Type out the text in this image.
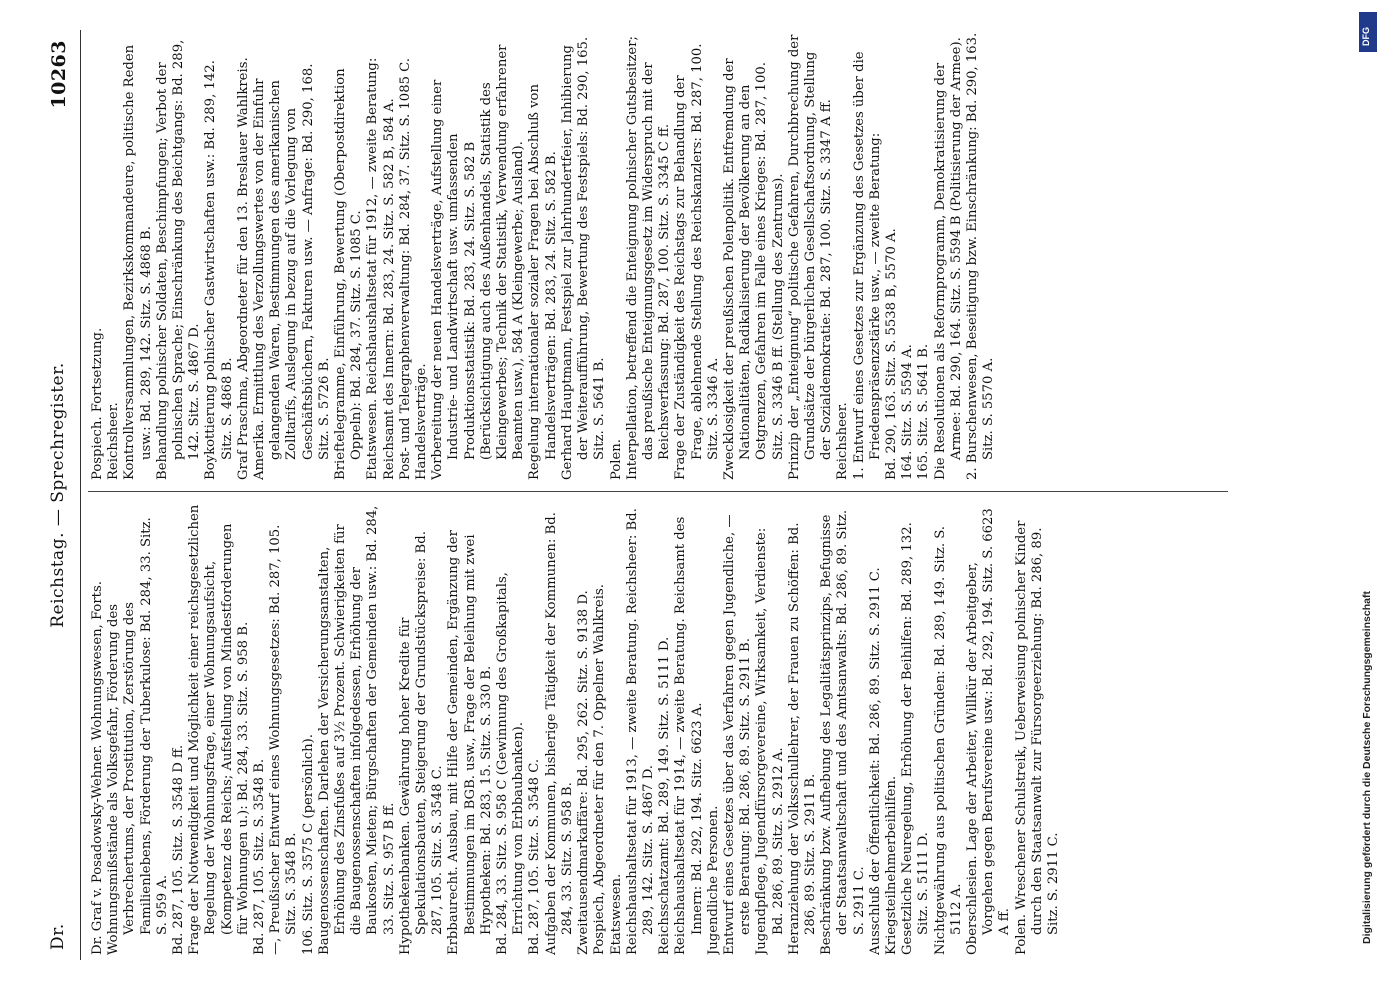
Dr.
Reichstag. — Sprechregister.
10263

Dr. Graf v. Posadowsky-Wehner. Wohnungswesen, Forts. Wohnungsmißstände als Volksgefahr, Förderung des Verbrechertums, der Prostitution, Zerstörung des Familienlebens, Förderung der Tuberkulose: Bd. 284, 33. Sitz. S. 959 A. Bd. 287, 105. Sitz. S. 3548 D ff. Frage der Notwendigkeit und Möglichkeit einer reichsgesetzlichen Regelung der Wohnungsfrage, einer Wohnungsaufsicht, (Kompetenz des Reichs; Aufstellung von Mindestforderungen für Wohnungen u.): Bd. 284, 33. Sitz. S. 958 B. Bd. 287, 105. Sitz. S. 3548 B. —, Preußischer Entwurf eines Wohnungsgesetzes: Bd. 287, 105. Sitz. S. 3548 B. 106. Sitz. S. 3575 C (persönlich). Baugenossenschaften. Darlehen der Versicherungsanstalten, Erhöhung des Zinsfußes auf 3½ Prozent. Schwierigkeiten für die Baugenossenschaften infolgedessen, Erhöhung der Baukosten, Mieten; Bürgschaften der Gemeinden usw.: Bd. 284, 33. Sitz. S. 957 B ff. Hypothekenbanken. Gewährung hoher Kredite für Spekulationsbauten, Steigerung der Grundstückspreise: Bd. 287, 105. Sitz. S. 3548 C. Erbbaurecht. Ausbau, mit Hilfe der Gemeinden, Ergänzung der Bestimmungen im BGB. usw., Frage der Beleihung mit zwei Hypotheken: Bd. 283, 15. Sitz. S. 330 B. Bd. 284, 33. Sitz. S. 958 C (Gewinnung des Großkapitals, Errichtung von Erbbaubanken). Bd. 287, 105. Sitz. S. 3548 C. Aufgaben der Kommunen, bisherige Tätigkeit der Kommunen: Bd. 284, 33. Sitz. S. 958 B. Zweitausendmarkaffäre: Bd. 295, 262. Sitz. S. 9138 D. Pospiech, Abgeordneter für den 7. Oppelner Wahlkreis. Etatswesen. Reichshaushaltsetat für 1913, — zweite Beratung. Reichsheer: Bd. 289, 142. Sitz. S. 4867 D. Reichsschatzamt: Bd. 289, 149. Sitz. S. 5111 D. Reichshaushaltsetat für 1914, — zweite Beratung. Reichsamt des Innern: Bd. 292, 194. Sitz. 6623 A. Jugendliche Personen. Entwurf eines Gesetzes über das Verfahren gegen Jugendliche, — erste Beratung: Bd. 286, 89. Sitz. S. 2911 B. Jugendpflege, Jugendfürsorgevereine, Wirksamkeit, Verdienste: Bd. 286, 89. Sitz. S. 2912 A. Heranziehung der Volksschullehrer, der Frauen zu Schöffen: Bd. 286, 89. Sitz. S. 2911 B. Beschränkung bzw. Aufhebung des Legalitätsprinzips, Befugnisse der Staatsanwaltschaft und des Amtsanwalts: Bd. 286, 89. Sitz. S. 2911 C. Ausschluß der Öffentlichkeit: Bd. 286, 89. Sitz. S. 2911 C. Kriegsteilnehmerbeihilfen. Gesetzliche Neuregelung, Erhöhung der Beihilfen: Bd. 289, 132. Sitz. S. 5111 D. Nichtgewährung aus politischen Gründen: Bd. 289, 149. Sitz. S. 5112 A. Oberschlesien. Lage der Arbeiter, Willkür der Arbeitgeber, Vorgehen gegen Berufsvereine usw.: Bd. 292, 194. Sitz. S. 6623 A ff. Polen. Wreschener Schulstreik, Ueberweisung polnischer Kinder durch den Staatsanwalt zur Fürsorgeerziehung: Bd. 286, 89. Sitz. S. 2911 C.

Pospiech. Fortsetzung. Reichsheer. Kontrollversammlungen, Bezirkskommandeure, politische Reden usw.: Bd. 289, 142. Sitz. S. 4868 B. Behandlung polnischer Soldaten, Beschimpfungen; Verbot der polnischen Sprache; Einschränkung des Beichtgangs: Bd. 289, 142. Sitz. S. 4867 D. Boykottierung polnischer Gastwirtschaften usw.: Bd. 289, 142. Sitz. S. 4868 B. Graf Praschma, Abgeordneter für den 13. Breslauer Wahlkreis. Amerika. Ermittlung des Verzollungswertes von der Einfuhr gelangenden Waren, Bestimmungen des amerikanischen Zolltarifs, Auslegung in bezug auf die Vorlegung von Geschäftsbüchern, Fakturen usw. — Anfrage: Bd. 290, 168. Sitz. S. 5726 B. Brieftelegramme, Einführung, Bewertung (Oberpostdirektion Oppeln): Bd. 284, 37. Sitz. S. 1085 C. Etatswesen. Reichshaushaltsetat für 1912, — zweite Beratung: Reichsamt des Innern: Bd. 283, 24. Sitz. S. 582 B, 584 A. Post- und Telegraphenverwaltung: Bd. 284, 37. Sitz. S. 1085 C. Handelsverträge. Vorbereitung der neuen Handelsverträge, Aufstellung einer Industrie- und Landwirtschaft usw. umfassenden Produktionsstatistik: Bd. 283, 24. Sitz. S. 582 B (Berücksichtigung auch des Außenhandels, Statistik des Kleingewerbes; Technik der Statistik, Verwendung erfahrener Beamten usw.), 584 A (Kleingewerbe; Ausland). Regelung internationaler sozialer Fragen bei Abschluß von Handelsverträgen: Bd. 283, 24. Sitz. S. 582 B. Gerhard Hauptmann, Festspiel zur Jahrhundertfeier, Inhibierung der Weiteraufführung, Bewertung des Festspiels: Bd. 290, 165. Sitz. S. 5641 B. Polen. Interpellation, betreffend die Enteignung polnischer Gutsbesitzer; das preußische Enteignungsgesetz im Widerspruch mit der Reichsverfassung: Bd. 287, 100. Sitz. S. 3345 C ff. Frage der Zuständigkeit des Reichstags zur Behandlung der Frage, ablehnende Stellung des Reichskanzlers: Bd. 287, 100. Sitz. S. 3346 A. Zwecklosigkeit der preußischen Polenpolitik. Entfremdung der Nationalitäten, Radikalisierung der Bevölkerung an den Ostgrenzen, Gefahren im Falle eines Krieges: Bd. 287, 100. Sitz. S. 3346 B ff. (Stellung des Zentrums). Prinzip der „Enteignung“ politische Gefahren, Durchbrechung der Grundsätze der bürgerlichen Gesellschaftsordnung, Stellung der Sozialdemokratie: Bd. 287, 100. Sitz. S. 3347 A ff. Reichsheer. 1. Entwurf eines Gesetzes zur Ergänzung des Gesetzes über die Friedenspräsenzstärke usw., — zweite Beratung: Bd. 290, 163. Sitz. S. 5538 B, 5570 A. 164. Sitz. S. 5594 A. 165. Sitz. S. 5641 B. Die Resolutionen als Reformprogramm, Demokratisierung der Armee: Bd. 290, 164. Sitz. S. 5594 B (Politisierung der Armee). 2. Burschenwesen, Beseitigung bzw. Einschränkung: Bd. 290, 163. Sitz. S. 5570 A.

Digitalisierung gefördert durch die Deutsche Forschungsgemeinschaft
DFG
